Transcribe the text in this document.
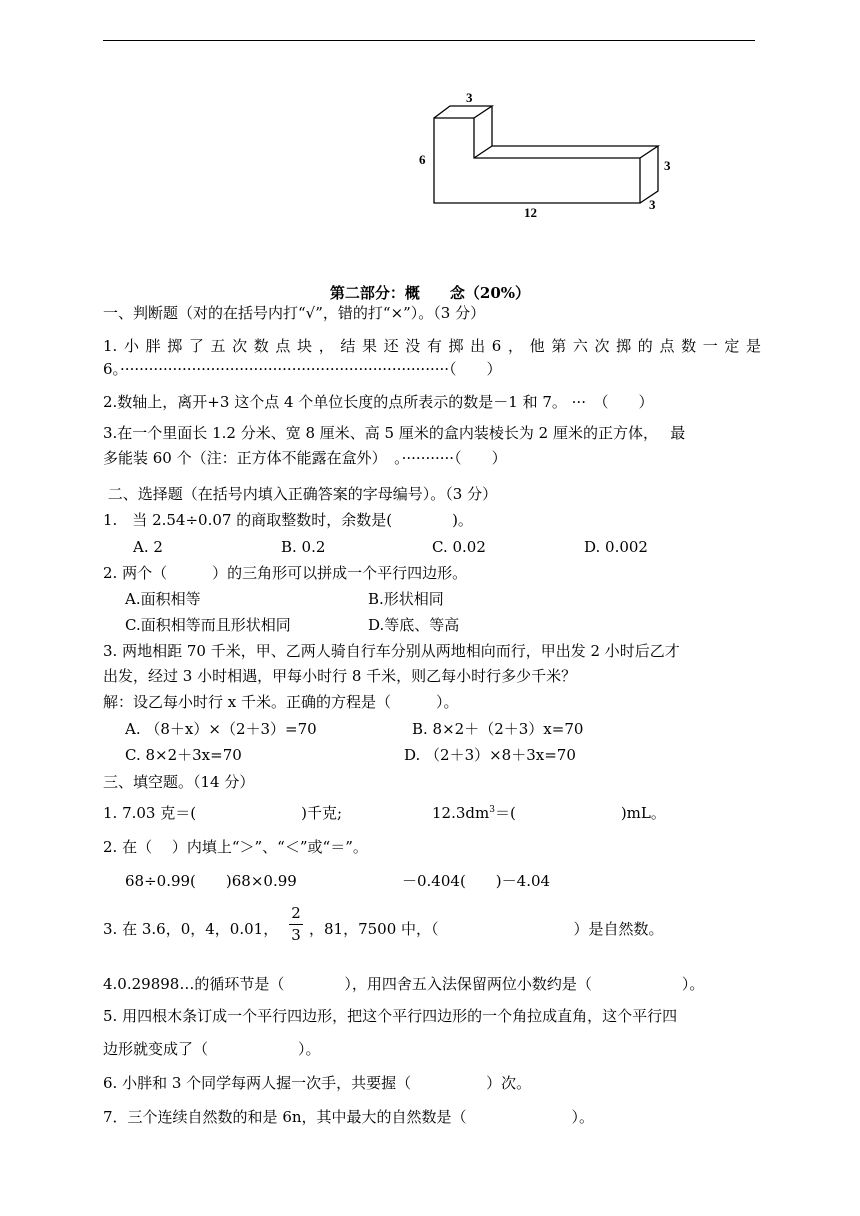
3
6	3
12
3
第二部分：概　　念（20%）
一、判断题（对的在括号内打“√”，错的打“×”）。（3 分）
1.小胖掷了五次数点块，结果还没有掷出6，他第六次掷的点数一定是
6。·····································································（　　）
2.数轴上，离开+3 这个点 4 个单位长度的点所表示的数是－1 和 7。 ···　（　　）
3.在一个里面长 1.2 分米、宽 8 厘米、高 5 厘米的盒内装棱长为 2 厘米的正方体，　 最
多能装 60 个（注：正方体不能露在盒外）　。···········（　　）
二、选择题（在括号内填入正确答案的字母编号）。（3 分）
1.　当 2.54÷0.07 的商取整数时，余数是(　　　　)。
A. 2	B. 0.2	C. 0.02	D. 0.002
2. 两个（　　　）的三角形可以拼成一个平行四边形。
A.面积相等	B.形状相同
C.面积相等而且形状相同	D.等底、等高
3. 两地相距 70 千米，甲、乙两人骑自行车分别从两地相向而行，甲出发 2 小时后乙才
出发，经过 3 小时相遇，甲每小时行 8 千米，则乙每小时行多少千米？
解：设乙每小时行 x 千米。正确的方程是（　　　）。
A. （8＋x）×（2＋3）=70	B. 8×2＋（2＋3）x=70
C. 8×2＋3x=70	D. （2＋3）×8＋3x=70
三、填空题。（14 分）
1. 7.03 克＝(　　　　　　　)千克;	$12.3dm^3=$(　　　　　　　)mL。
2. 在（　 ）内填上“＞”、“＜”或“＝”。
68÷0.99(　　)68×0.99	－0.404(　　)－4.04
3. 在 3.6，0，4，0.01，
2
3 ，81，7500 中，（　　　　　　　　　）是自然数。
4.0.29898…的循环节是（　　　　），用四舍五入法保留两位小数约是（　　　　　　）。
5. 用四根木条订成一个平行四边形，把这个平行四边形的一个角拉成直角，这个平行四
边形就变成了（　　　　　　）。
6. 小胖和 3 个同学每两人握一次手，共要握（　　　　　）次。
7．三个连续自然数的和是 6n，其中最大的自然数是（　　　　　　　）。
